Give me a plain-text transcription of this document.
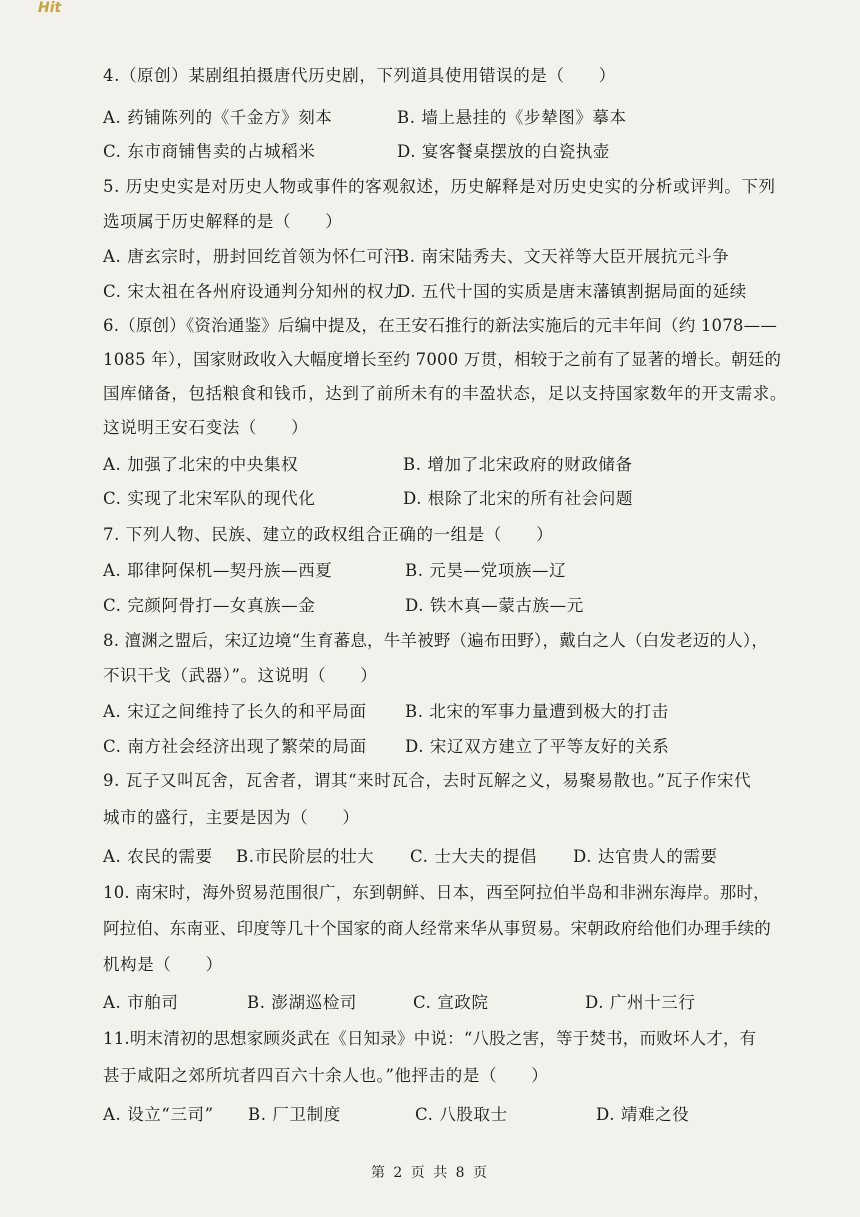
Hit
4.（原创）某剧组拍摄唐代历史剧，下列道具使用错误的是（　　）
A. 药铺陈列的《千金方》刻本	B. 墙上悬挂的《步辇图》摹本
C. 东市商铺售卖的占城稻米	D. 宴客餐桌摆放的白瓷执壶
5. 历史史实是对历史人物或事件的客观叙述，历史解释是对历史史实的分析或评判。下列
选项属于历史解释的是（　　）
A. 唐玄宗时，册封回纥首领为怀仁可汗
B. 南宋陆秀夫、文天祥等大臣开展抗元斗争
C. 宋太祖在各州府设通判分知州的权力
D. 五代十国的实质是唐末藩镇割据局面的延续
6.（原创）《资治通鉴》后编中提及，在王安石推行的新法实施后的元丰年间（约 1078——
1085 年），国家财政收入大幅度增长至约 7000 万贯，相较于之前有了显著的增长。朝廷的
国库储备，包括粮食和钱币，达到了前所未有的丰盈状态，足以支持国家数年的开支需求。
这说明王安石变法（　　）
A. 加强了北宋的中央集权	B. 增加了北宋政府的财政储备
C. 实现了北宋军队的现代化	D. 根除了北宋的所有社会问题
7. 下列人物、民族、建立的政权组合正确的一组是（　　）
A. 耶律阿保机—契丹族—西夏	B. 元昊—党项族—辽
C. 完颜阿骨打—女真族—金	D. 铁木真—蒙古族—元
8. 澶渊之盟后，宋辽边境“生育蕃息，牛羊被野（遍布田野），戴白之人（白发老迈的人），
不识干戈（武器）”。这说明（　　）
A. 宋辽之间维持了长久的和平局面 B. 北宋的军事力量遭到极大的打击
C. 南方社会经济出现了繁荣的局面 D. 宋辽双方建立了平等友好的关系
9. 瓦子又叫瓦舍，瓦舍者，谓其“来时瓦合，去时瓦解之义，易聚易散也。”瓦子作宋代
城市的盛行，主要是因为（　　）
A. 农民的需要 B.市民阶层的壮大 C. 士大夫的提倡 D. 达官贵人的需要
10. 南宋时，海外贸易范围很广，东到朝鲜、日本，西至阿拉伯半岛和非洲东海岸。那时，
阿拉伯、东南亚、印度等几十个国家的商人经常来华从事贸易。宋朝政府给他们办理手续的
机构是（　　）
A. 市舶司	B. 澎湖巡检司	C. 宣政院	D. 广州十三行
11.明末清初的思想家顾炎武在《日知录》中说：“八股之害，等于焚书，而败坏人才，有
甚于咸阳之郊所坑者四百六十余人也。”他抨击的是（　　）
A. 设立“三司” B. 厂卫制度	C. 八股取士	D. 靖难之役
第 2 页 共 8 页
